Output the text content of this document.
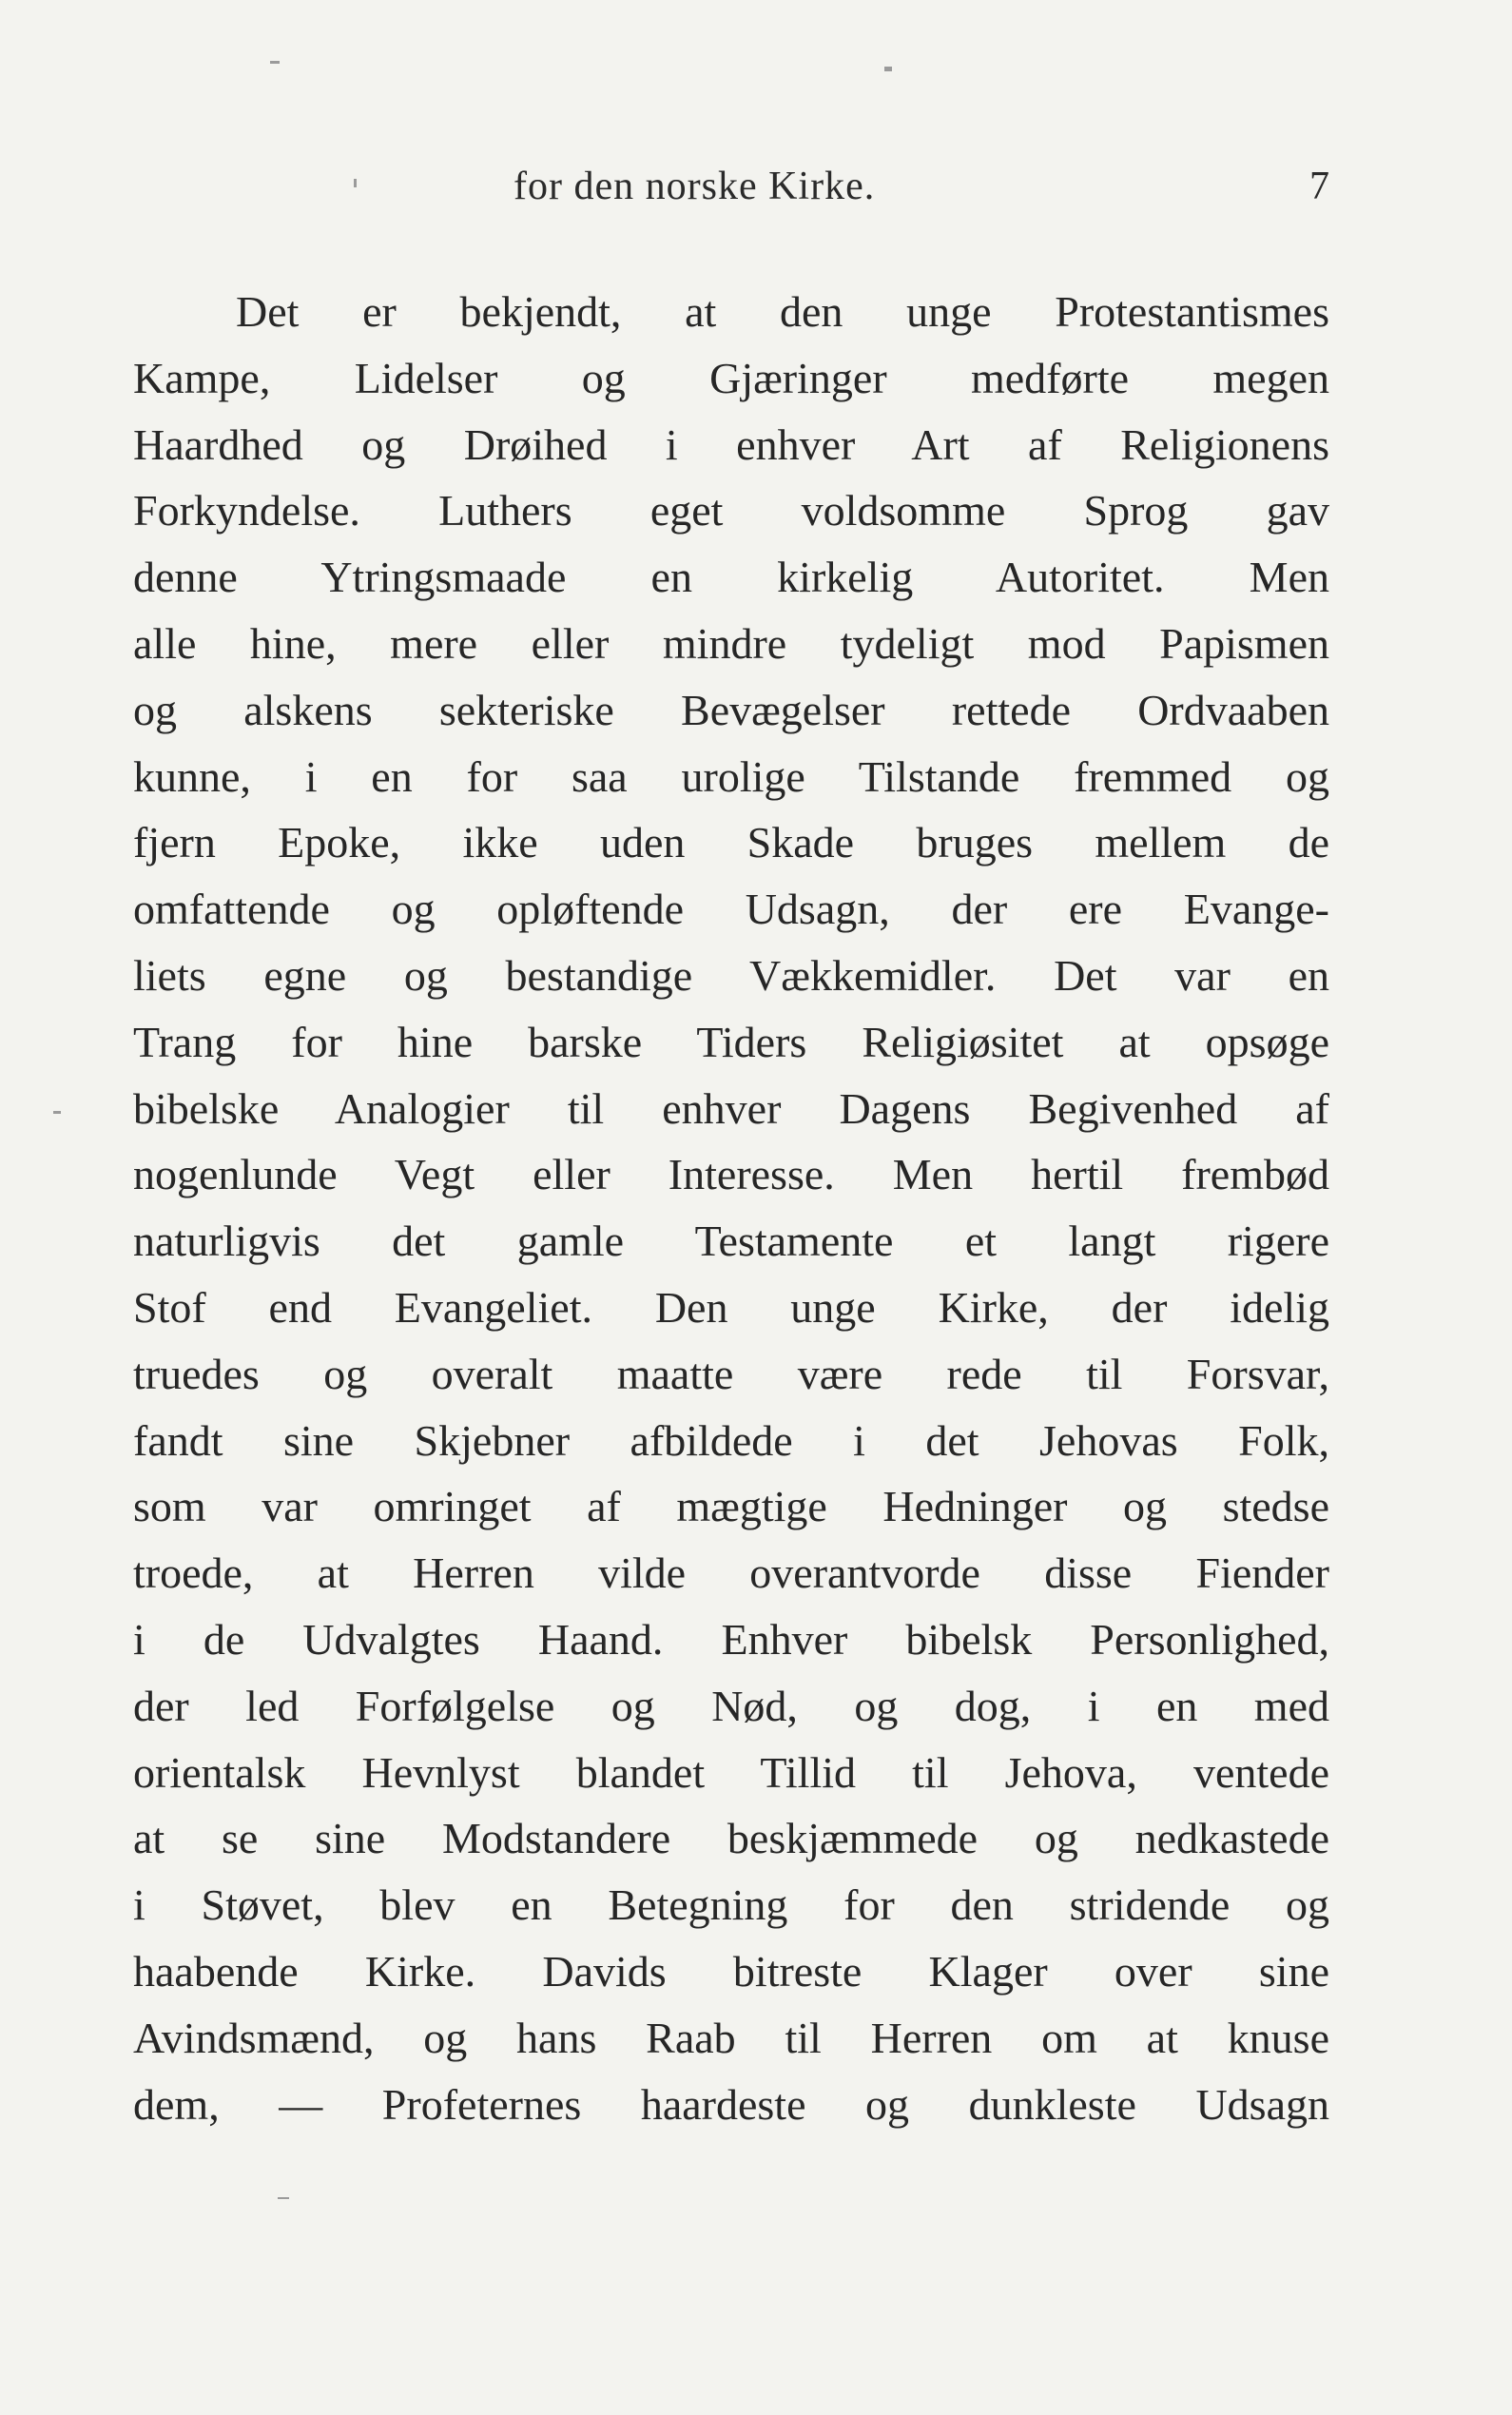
for den norske Kirke.	7
Det er bekjendt, at den unge Protestantismes
Kampe, Lidelser og Gjæringer medførte megen
Haardhed og Drøihed i enhver Art af Religionens
Forkyndelse. Luthers eget voldsomme Sprog gav
denne Ytringsmaade en kirkelig Autoritet. Men
alle hine, mere eller mindre tydeligt mod Papismen
og alskens sekteriske Bevægelser rettede Ordvaaben
kunne, i en for saa urolige Tilstande fremmed og
fjern Epoke, ikke uden Skade bruges mellem de
omfattende og opløftende Udsagn, der ere Evange-
liets egne og bestandige Vækkemidler. Det var en
Trang for hine barske Tiders Religiøsitet at opsøge
bibelske Analogier til enhver Dagens Begivenhed af
nogenlunde Vegt eller Interesse. Men hertil frembød
naturligvis det gamle Testamente et langt rigere
Stof end Evangeliet. Den unge Kirke, der idelig
truedes og overalt maatte være rede til Forsvar,
fandt sine Skjebner afbildede i det Jehovas Folk,
som var omringet af mægtige Hedninger og stedse
troede, at Herren vilde overantvorde disse Fiender
i de Udvalgtes Haand. Enhver bibelsk Personlighed,
der led Forfølgelse og Nød, og dog, i en med
orientalsk Hevnlyst blandet Tillid til Jehova, ventede
at se sine Modstandere beskjæmmede og nedkastede
i Støvet, blev en Betegning for den stridende og
haabende Kirke. Davids bitreste Klager over sine
Avindsmænd, og hans Raab til Herren om at knuse
dem, — Profeternes haardeste og dunkleste Udsagn
